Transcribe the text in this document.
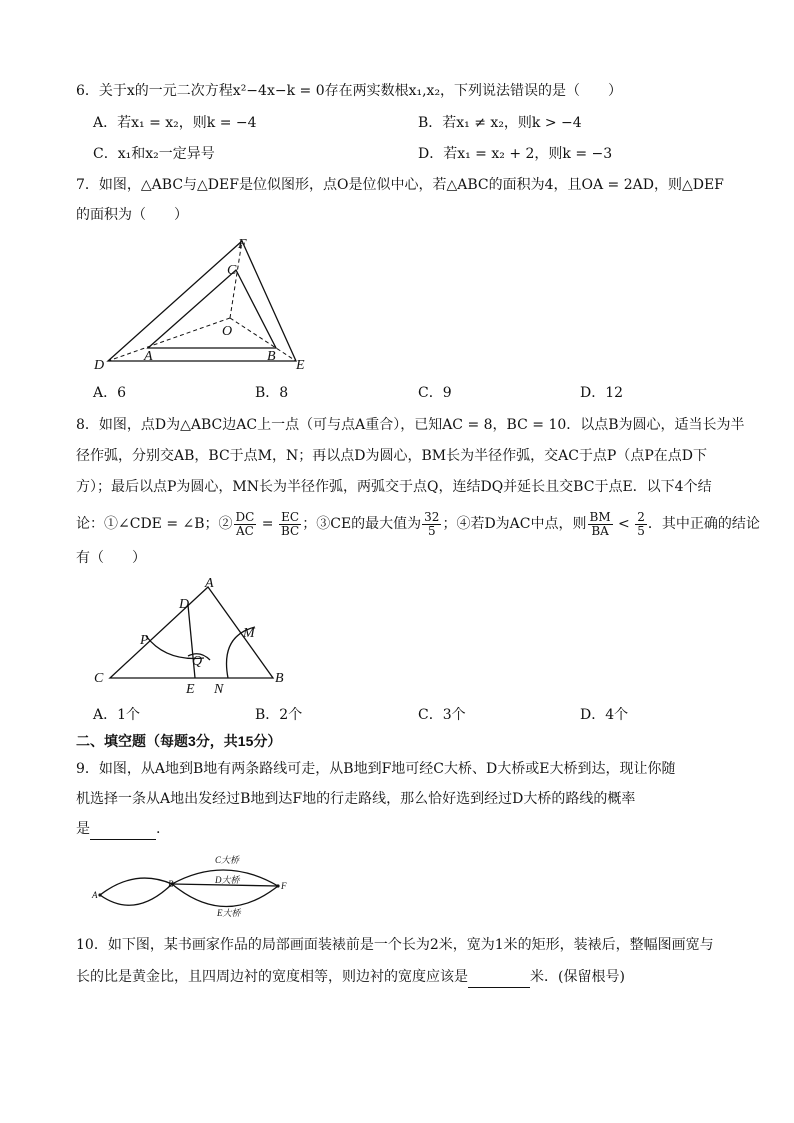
6．关于x的一元二次方程x²−4x−k = 0存在两实数根x₁,x₂，下列说法错误的是（　　）
A．若x₁ = x₂，则k = −4	B．若x₁ ≠ x₂，则k > −4
C．x₁和x₂一定异号	D．若x₁ = x₂ + 2，则k = −3
7．如图，△ABC与△DEF是位似图形，点O是位似中心，若△ABC的面积为4，且OA = 2AD，则△DEF
的面积为（　　）
F
C
O
D
A	B
E
A．6	B．8	C．9	D．12
8．如图，点D为△ABC边AC上一点（可与点A重合），已知AC = 8，BC = 10．以点B为圆心，适当长为半
径作弧，分别交AB，BC于点M，N；再以点D为圆心，BM长为半径作弧，交AC于点P（点P在点D下
方）；最后以点P为圆心，MN长为半径作弧，两弧交于点Q，连结DQ并延长且交BC于点E．以下4个结
论：①∠CDE = ∠B；② $\frac{DC}{AC} = \frac{EC}{BC}$ ；③CE的最大值为 $\frac{32}{5}$ ；④若D为AC中点，则 $\frac{BM}{BA} < \frac{2}{5}$ ．其中正确的结论
有（　　）
A
D
M
P
Q
C
E N
B
A．1个	B．2个	C．3个	D．4个
二、填空题（每题3分，共15分）
9．如图，从A地到B地有两条路线可走，从B地到F地可经C大桥、D大桥或E大桥到达，现让你随
机选择一条从A地出发经过B地到达F地的行走路线，那么恰好选到经过D大桥的路线的概率
是	.
A
B
C大桥
D大桥
E大桥
F
10．如下图，某书画家作品的局部画面装裱前是一个长为2米，宽为1米的矩形，装裱后，整幅图画宽与
长的比是黄金比，且四周边衬的宽度相等，则边衬的宽度应该是	米．(保留根号)
